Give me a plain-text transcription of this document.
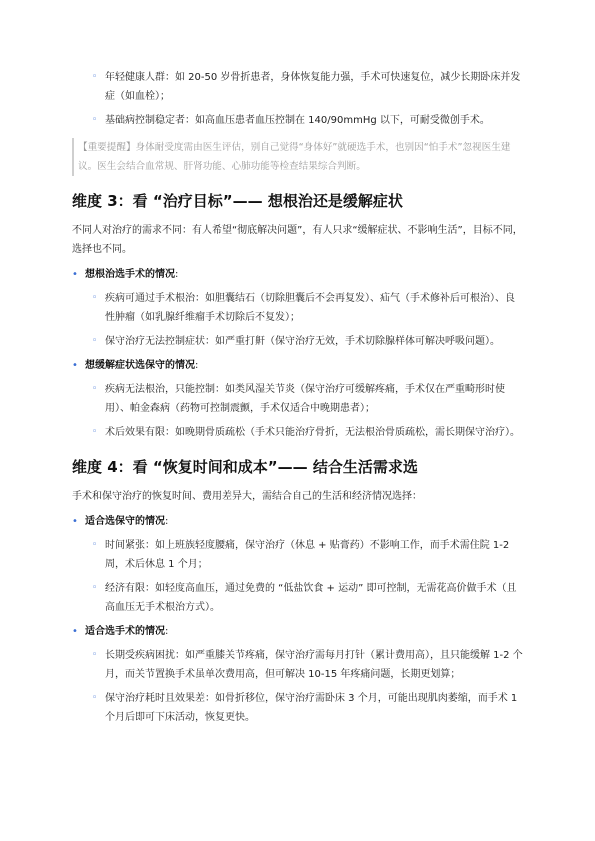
◦ 年轻健康人群：如 20-50 岁骨折患者，身体恢复能力强，手术可快速复位，减少长期卧床并发症（如血栓）；
◦ 基础病控制稳定者：如高血压患者血压控制在 140/90mmHg 以下，可耐受微创手术。
【重要提醒】身体耐受度需由医生评估，别自己觉得“身体好”就硬选手术，也别因“怕手术”忽视医生建议。医生会结合血常规、肝肾功能、心肺功能等检查结果综合判断。
维度 3：看 “治疗目标”—— 想根治还是缓解症状

不同人对治疗的需求不同：有人希望“彻底解决问题”，有人只求“缓解症状、不影响生活”，目标不同，选择也不同。

• 想根治选手术的情况:
◦ 疾病可通过手术根治：如胆囊结石（切除胆囊后不会再复发）、疝气（手术修补后可根治）、良性肿瘤（如乳腺纤维瘤手术切除后不复发）；
◦ 保守治疗无法控制症状：如严重打鼾（保守治疗无效，手术切除腺样体可解决呼吸问题）。
• 想缓解症状选保守的情况:
◦ 疾病无法根治，只能控制：如类风湿关节炎（保守治疗可缓解疼痛，手术仅在严重畸形时使用）、帕金森病（药物可控制震颤，手术仅适合中晚期患者）；
◦ 术后效果有限：如晚期骨质疏松（手术只能治疗骨折，无法根治骨质疏松，需长期保守治疗）。
维度 4：看 “恢复时间和成本”—— 结合生活需求选

手术和保守治疗的恢复时间、费用差异大，需结合自己的生活和经济情况选择：

• 适合选保守的情况:
◦ 时间紧张：如上班族轻度腰痛，保守治疗（休息 + 贴膏药）不影响工作，而手术需住院 1-2 周，术后休息 1 个月；
◦ 经济有限：如轻度高血压，通过免费的 “低盐饮食 + 运动” 即可控制，无需花高价做手术（且高血压无手术根治方式）。
• 适合选手术的情况:
◦ 长期受疾病困扰：如严重膝关节疼痛，保守治疗需每月打针（累计费用高），且只能缓解 1-2 个月，而关节置换手术虽单次费用高，但可解决 10-15 年疼痛问题，长期更划算；
◦ 保守治疗耗时且效果差：如骨折移位，保守治疗需卧床 3 个月，可能出现肌肉萎缩，而手术 1 个月后即可下床活动，恢复更快。
